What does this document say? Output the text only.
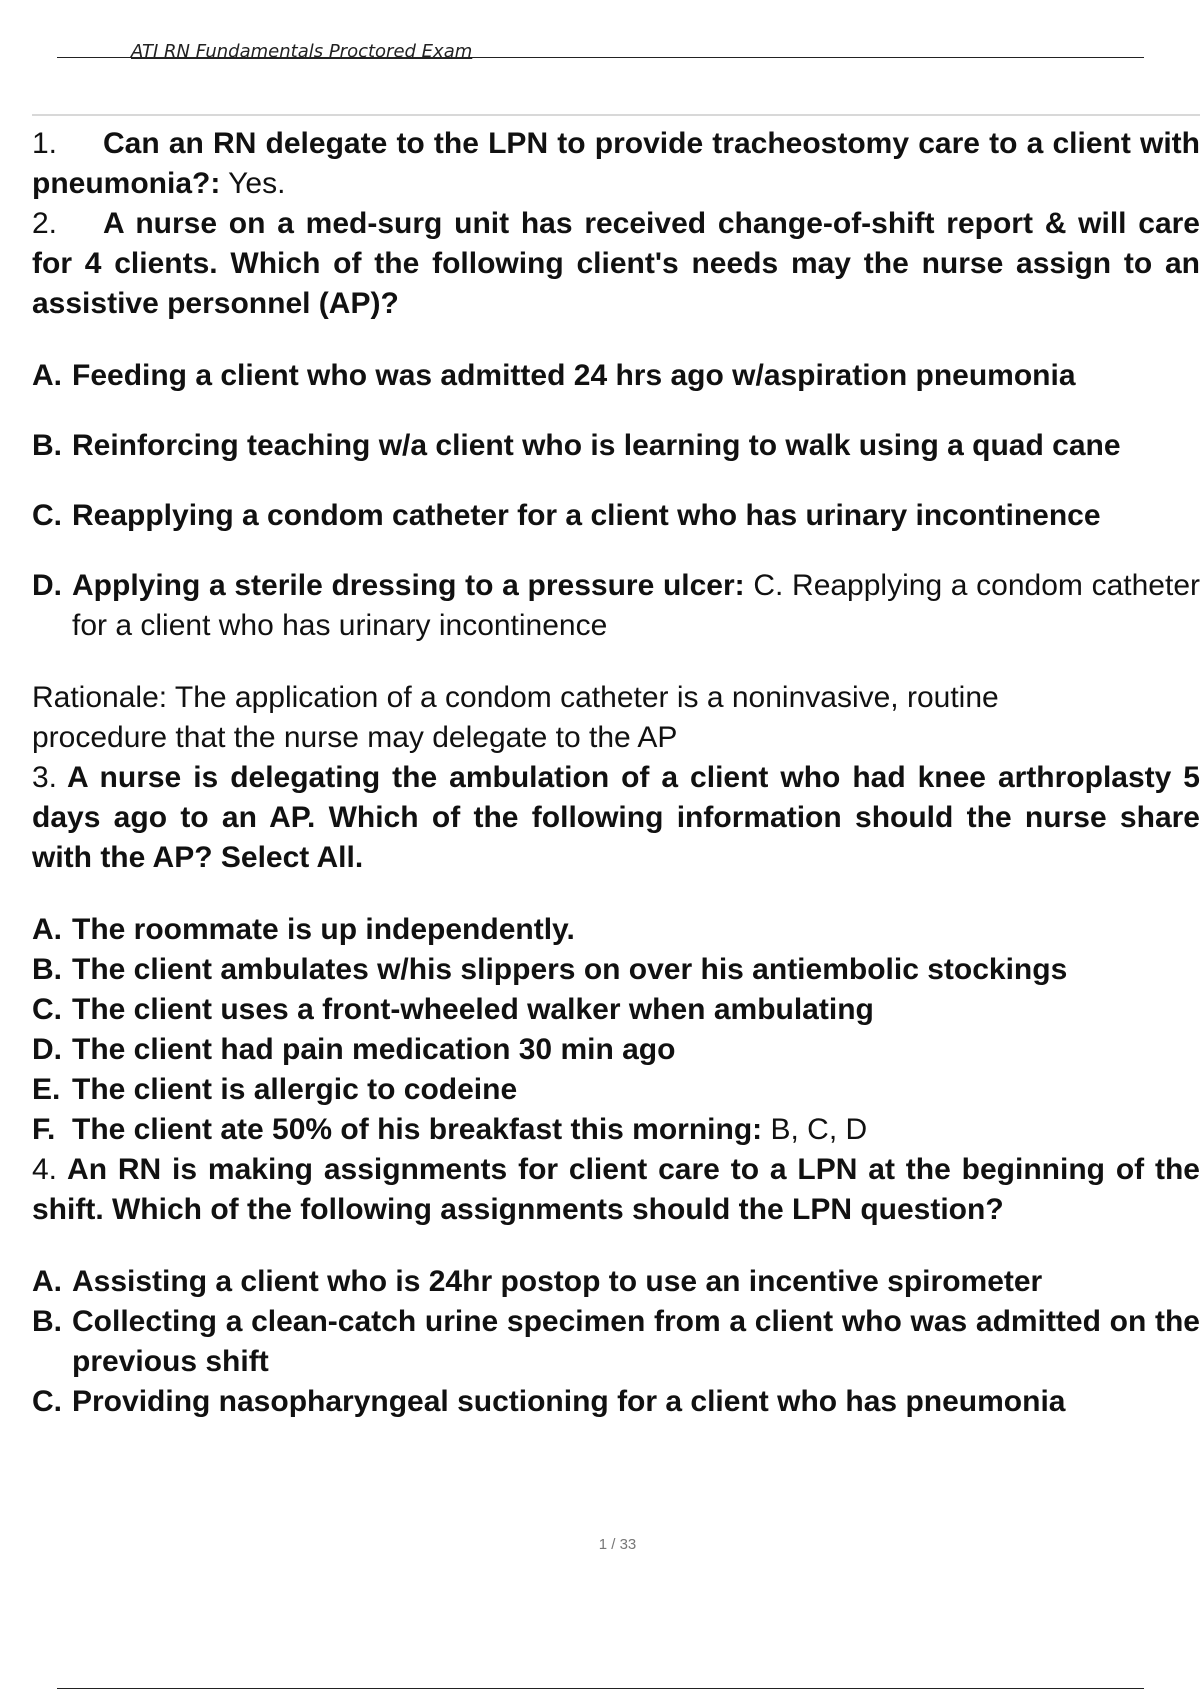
ATI RN Fundamentals Proctored Exam

1. Can an RN delegate to the LPN to provide tracheostomy care to a client with pneumonia?: Yes.

2. A nurse on a med-surg unit has received change-of-shift report & will care for 4 clients. Which of the following client's needs may the nurse assign to an assistive personnel (AP)?

A. Feeding a client who was admitted 24 hrs ago w/aspiration pneumonia
B. Reinforcing teaching w/a client who is learning to walk using a quad cane
C. Reapplying a condom catheter for a client who has urinary incontinence
D. Applying a sterile dressing to a pressure ulcer: C. Reapplying a condom catheter for a client who has urinary incontinence

Rationale: The application of a condom catheter is a noninvasive, routine procedure that the nurse may delegate to the AP

3. A nurse is delegating the ambulation of a client who had knee arthroplasty 5 days ago to an AP. Which of the following information should the nurse share with the AP? Select All.

A. The roommate is up independently.
B. The client ambulates w/his slippers on over his antiembolic stockings
C. The client uses a front-wheeled walker when ambulating
D. The client had pain medication 30 min ago
E. The client is allergic to codeine
F. The client ate 50% of his breakfast this morning: B, C, D

4. An RN is making assignments for client care to a LPN at the beginning of the shift. Which of the following assignments should the LPN question?

A. Assisting a client who is 24hr postop to use an incentive spirometer
B. Collecting a clean-catch urine specimen from a client who was admitted on the previous shift
C. Providing nasopharyngeal suctioning for a client who has pneumonia
1 / 33
